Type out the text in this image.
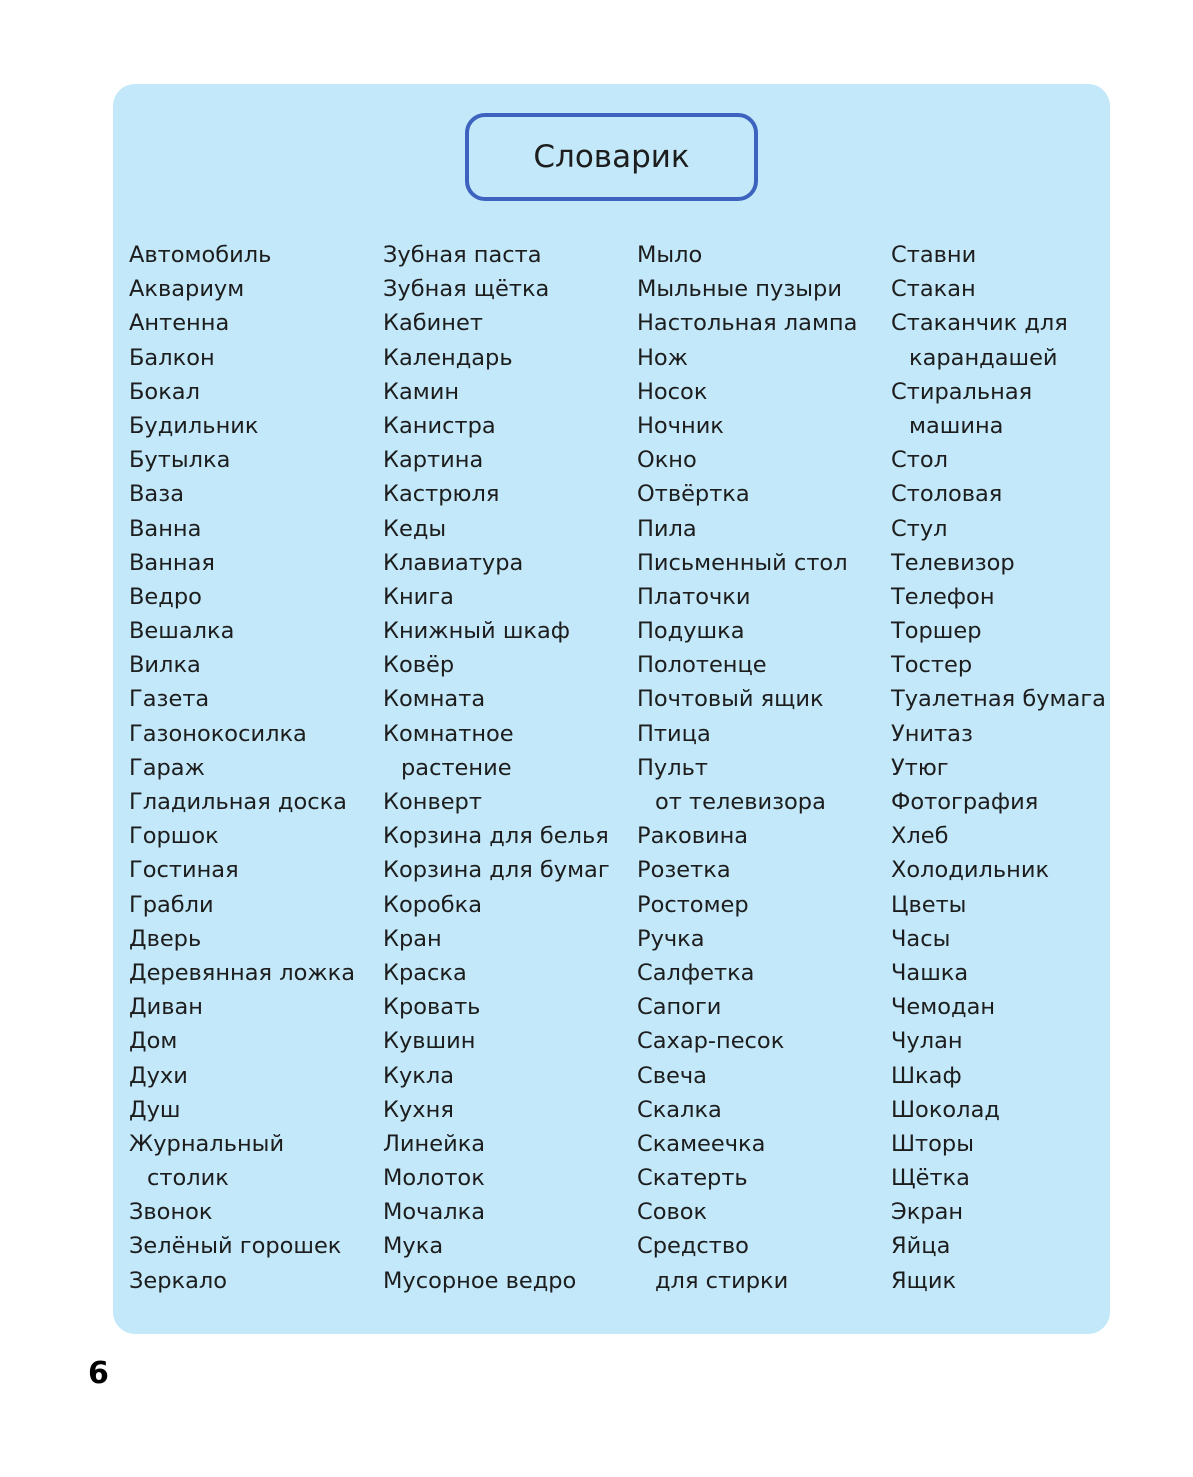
Словарик
Автомобиль
Аквариум
Антенна
Балкон
Бокал
Будильник
Бутылка
Ваза
Ванна
Ванная
Ведро
Вешалка
Вилка
Газета
Газонокосилка
Гараж
Гладильная доска
Горшок
Гостиная
Грабли
Дверь
Деревянная ложка
Диван
Дом
Духи
Душ
Журнальный
столик
Звонок
Зелёный горошек
Зеркало
Зубная паста
Зубная щётка
Кабинет
Календарь
Камин
Канистра
Картина
Кастрюля
Кеды
Клавиатура
Книга
Книжный шкаф
Ковёр
Комната
Комнатное
растение
Конверт
Корзина для белья
Корзина для бумаг
Коробка
Кран
Краска
Кровать
Кувшин
Кукла
Кухня
Линейка
Молоток
Мочалка
Мука
Мусорное ведро
Мыло
Мыльные пузыри
Настольная лампа
Нож
Носок
Ночник
Окно
Отвёртка
Пила
Письменный стол
Платочки
Подушка
Полотенце
Почтовый ящик
Птица
Пульт
от телевизора
Раковина
Розетка
Ростомер
Ручка
Салфетка
Сапоги
Сахар-песок
Свеча
Скалка
Скамеечка
Скатерть
Совок
Средство
для стирки
Ставни
Стакан
Стаканчик для
карандашей
Стиральная
машина
Стол
Столовая
Стул
Телевизор
Телефон
Торшер
Тостер
Туалетная бумага
Унитаз
Утюг
Фотография
Хлеб
Холодильник
Цветы
Часы
Чашка
Чемодан
Чулан
Шкаф
Шоколад
Шторы
Щётка
Экран
Яйца
Ящик
6
